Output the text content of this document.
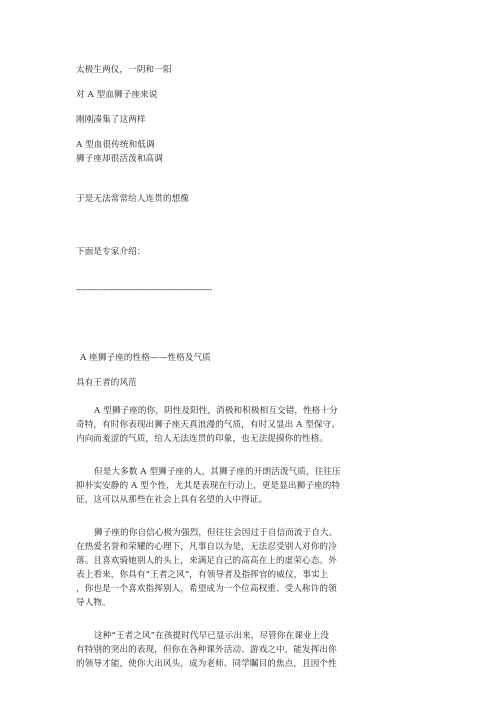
太极生两仪，一阴和一阳
对 A 型血狮子座来说
刚刚凑集了这两样
A 型血很传统和低调
狮子座却很活泼和高调
于是无法常常给人连贯的想像
下面是专家介绍：
-----------------------------------------------------------
A 座狮子座的性格——性格及气质
具有王者的风范
A 型狮子座的你，阴性及阳性，消极和积极相互交错，性格十分
奇特，有时你表现出狮子座天真浪漫的气质，有时又显出 A 型保守、
内向而羞涩的气质，给人无法连贯的印象，也无法捉摸你的性格。
但是大多数 A 型狮子座的人，其狮子座的开朗活泼气质，往往压
抑朴实安静的 A 型个性，尤其是表现在行动上，更是显出狮子座的特
征，这可以从那些在社会上具有名望的人中得证。
狮子座的你自信心极为强烈，但往往会因过于自信而流于自大。
在热爱名誉和荣耀的心理下，凡事自以为是，无法忍受别人对你的冷
落。且喜欢骑她别人的头上，来满足自己的高高在上的虚荣心态。外
表上看来，你具有“王者之风”，有领导者及指挥官的威仪，事实上
，你也是一个喜欢指挥别人，希望成为一个位高权重、受人称许的领
导人物。
这种“王者之风”在孩提时代早已显示出来，尽管你在课业上没
有特别的突出的表现，但你在各种课外活动、游戏之中，能发挥出你
的领导才能，使你大出风头，成为老师、同学瞩目的焦点，且因个性
